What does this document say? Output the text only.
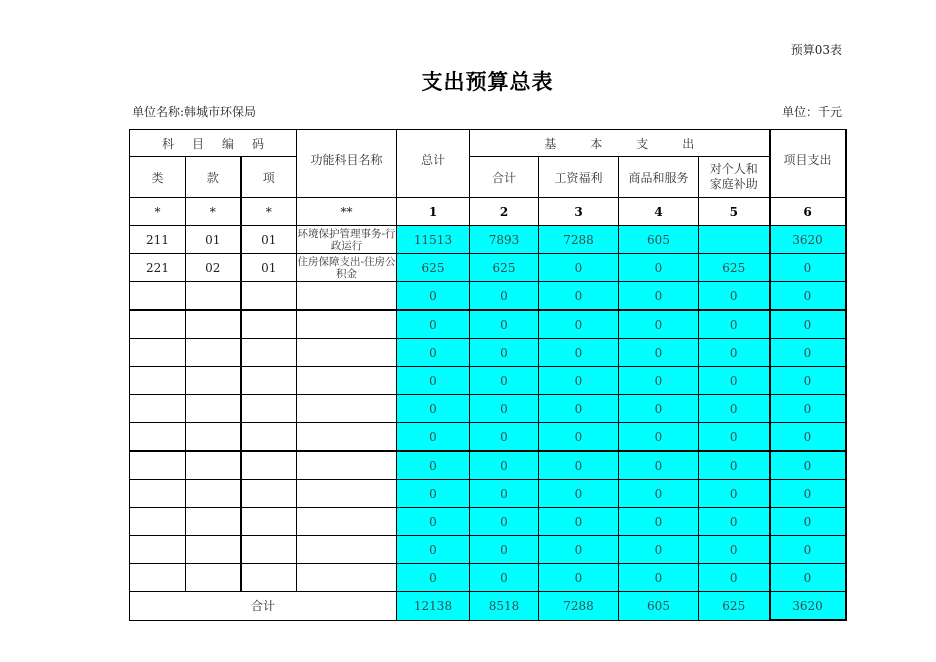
预算03表
支出预算总表
单位名称:韩城市环保局	单位：千元
科目编码			功能科目名称	总计	基本支出				项目支出
类	款	项			合计	工资福利	商品和服务	对个人和家庭补助	
*	*	*	**	1	2	3	4	5	6
211	01	01	环境保护管理事务-行政运行	11513	7893	7288	605		3620
221	02	01	住房保障支出-住房公积金	625	625	0	0	625	0
				0	0	0	0	0	0
				0	0	0	0	0	0
				0	0	0	0	0	0
				0	0	0	0	0	0
				0	0	0	0	0	0
				0	0	0	0	0	0
				0	0	0	0	0	0
				0	0	0	0	0	0
				0	0	0	0	0	0
				0	0	0	0	0	0
				0	0	0	0	0	0
合计				12138	8518	7288	605	625	3620
